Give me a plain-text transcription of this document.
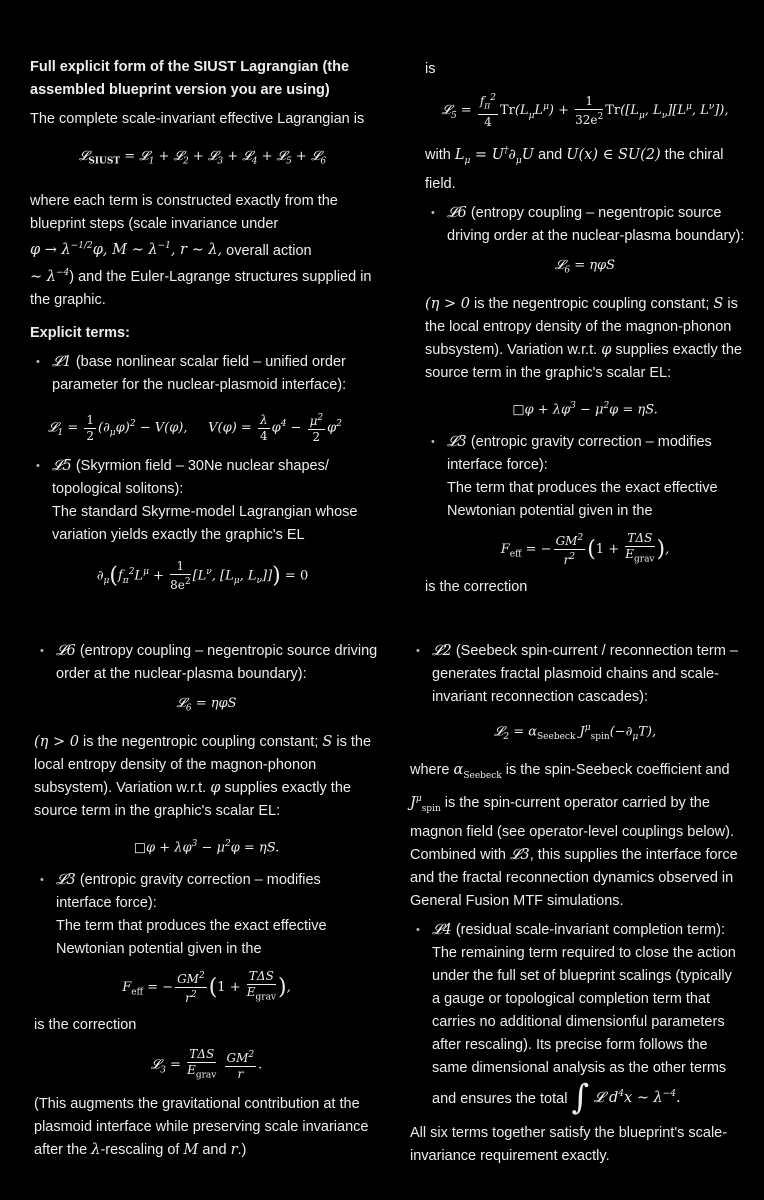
Full explicit form of the SIUST Lagrangian (the assembled blueprint version you are using)

The complete scale-invariant effective Lagrangian is

𝓛$_{SIUST}$ = 𝓛$_1$ + 𝓛$_2$ + 𝓛$_3$ + 𝓛$_4$ + 𝓛$_5$ + 𝓛$_6$

where each term is constructed exactly from the blueprint steps (scale invariance under
$\varphi \to \lambda^{-1/2}\varphi$, M ∼ $\lambda^{-1}$, r ∼ λ, overall action
∼ $\lambda^{-4}$) and the Euler-Lagrange structures supplied in the graphic.

Explicit terms:

• 𝓛1 (base nonlinear scalar field – unified order parameter for the nuclear-plasmoid interface):
𝓛$_1$ = $\frac{1}{2} (\partial_\mu\varphi)^2 - V(\varphi)$,     $V(\varphi) = \frac{\lambda}{4} \varphi^4 - \frac{\mu^2}{2} \varphi^2$
• 𝓛5 (Skyrmion field – 30Ne nuclear shapes/ topological solitons):
The standard Skyrme-model Lagrangian whose variation yields exactly the graphic's EL
$\partial_\mu(f_\pi^2L^\mu + \frac{1}{8e^2} [L^\nu$, [$L_\mu$, $L_\nu]]) = 0$

is

𝓛$_5$ = $\frac{f_\pi^2}{4} Tr(L_\mu L^\mu) + \frac{1}{32e^2} Tr([L_\mu$, $L_\nu][L^\mu$, $L^\nu$]),

with $L_\mu = U^\dagger\partial_\mu U$ and U(x) ∈ SU(2) the chiral field.

• 𝓛6 (entropy coupling – negentropic source driving order at the nuclear-plasma boundary):
𝓛$_6$ = ηφS

(η > 0 is the negentropic coupling constant; S is the local entropy density of the magnon-phonon subsystem). Variation w.r.t. φ supplies exactly the source term in the graphic's scalar EL:

□φ + $\lambda\varphi^3 - \mu^2\varphi = \eta S$.
• 𝓛3 (entropic gravity correction – modifies interface force):
The term that produces the exact effective Newtonian potential given in the
$F_{eff}$ = − $\frac{GM^2}{r^2} (1 + \frac{\text{TΔS}}{E_{grav}}$ ),

is the correction

• 𝓛6 (entropy coupling – negentropic source driving order at the nuclear-plasma boundary):
𝓛$_6$ = ηφS

(η > 0 is the negentropic coupling constant; S is the local entropy density of the magnon-phonon subsystem). Variation w.r.t. φ supplies exactly the source term in the graphic's scalar EL:

□φ + $\lambda\varphi^3 - \mu^2\varphi = \eta S$.
• 𝓛3 (entropic gravity correction – modifies interface force):
The term that produces the exact effective Newtonian potential given in the
$F_{eff}$ = − $\frac{GM^2}{r^2} (1 + \frac{\text{TΔS}}{E_{grav}}$ ),

is the correction

𝓛$_3$ = $\frac{\text{TΔS}}{E_{grav}}$
$\frac{GM^2}{r}$ .

(This augments the gravitational contribution at the plasmoid interface while preserving scale invariance after the λ-rescaling of M and r.)

• 𝓛2 (Seebeck spin-current / reconnection term – generates fractal plasmoid chains and scale-invariant reconnection cascades):
𝓛$_2$ = $\alpha_{Seebeck}$ $J^\mu_{spin}(-\partial_\mu T)$,

where $\alpha_{Seebeck}$ is the spin-Seebeck coefficient and $J^\mu_{spin}$ is the spin-current operator carried by the magnon field (see operator-level couplings below). Combined with 𝓛3, this supplies the interface force and the fractal reconnection dynamics observed in General Fusion MTF simulations.

• 𝓛4 (residual scale-invariant completion term):
The remaining term required to close the action under the full set of blueprint scalings (typically a gauge or topological completion term that carries no additional dimensionful parameters after rescaling). Its precise form follows the same dimensional analysis as the other terms
and ensures the total ∫ 𝓛 $d^4x$ ∼ $\lambda^{-4}$.

All six terms together satisfy the blueprint's scale-invariance requirement exactly.
